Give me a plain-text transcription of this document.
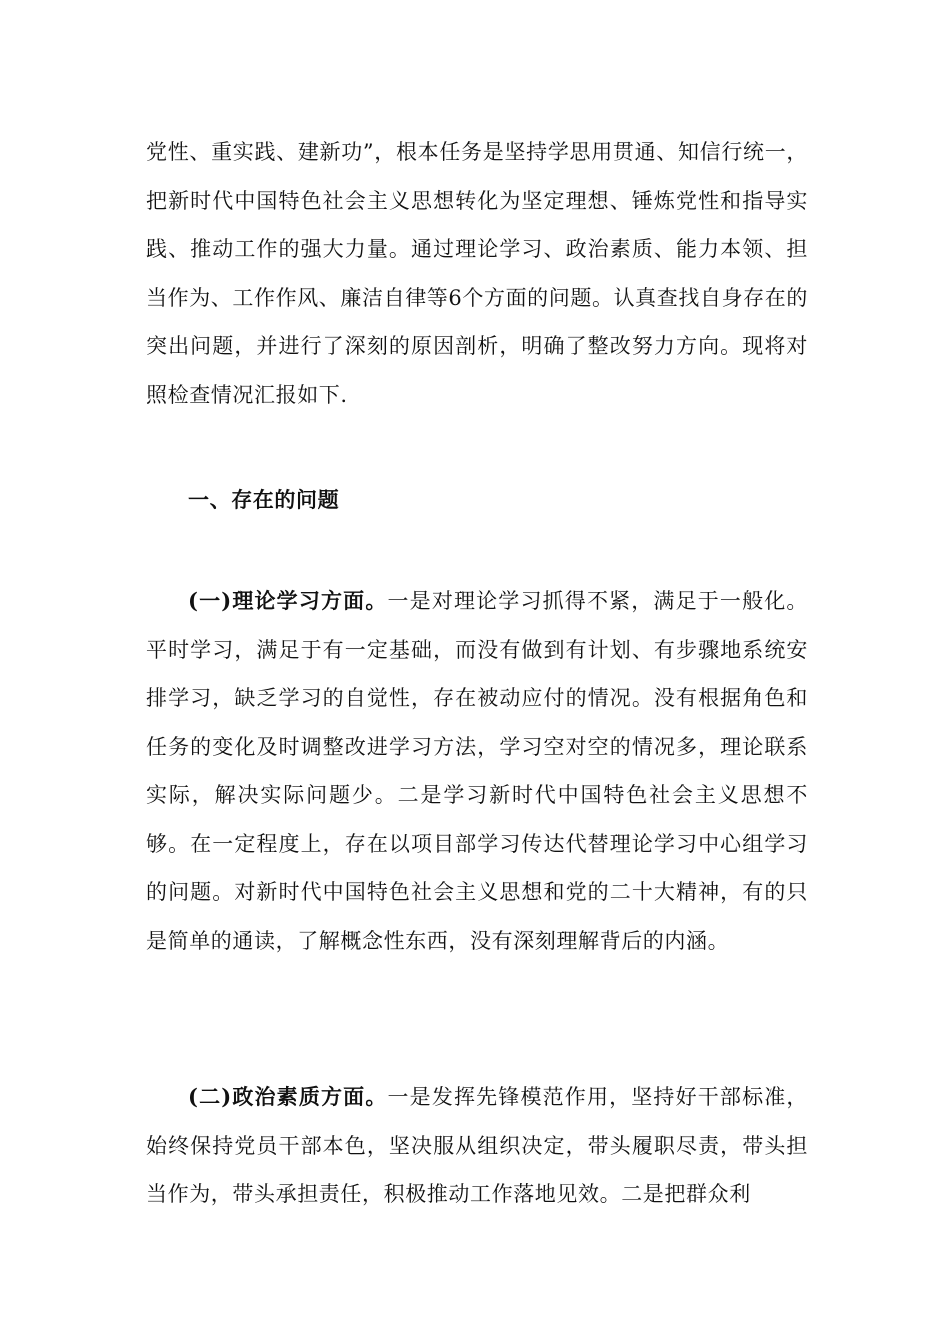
党性、重实践、建新功”，根本任务是坚持学思用贯通、知信行统一，把新时代中国特色社会主义思想转化为坚定理想、锤炼党性和指导实践、推动工作的强大力量。通过理论学习、政治素质、能力本领、担当作为、工作作风、廉洁自律等6个方面的问题。认真查找自身存在的突出问题，并进行了深刻的原因剖析，明确了整改努力方向。现将对照检查情况汇报如下.

一、存在的问题

(一)理论学习方面。一是对理论学习抓得不紧，满足于一般化。平时学习，满足于有一定基础，而没有做到有计划、有步骤地系统安排学习，缺乏学习的自觉性，存在被动应付的情况。没有根据角色和任务的变化及时调整改进学习方法，学习空对空的情况多，理论联系实际，解决实际问题少。二是学习新时代中国特色社会主义思想不够。在一定程度上，存在以项目部学习传达代替理论学习中心组学习的问题。对新时代中国特色社会主义思想和党的二十大精神，有的只是简单的通读，了解概念性东西，没有深刻理解背后的内涵。

(二)政治素质方面。一是发挥先锋模范作用，坚持好干部标准，始终保持党员干部本色，坚决服从组织决定，带头履职尽责，带头担当作为，带头承担责任，积极推动工作落地见效。二是把群众利
